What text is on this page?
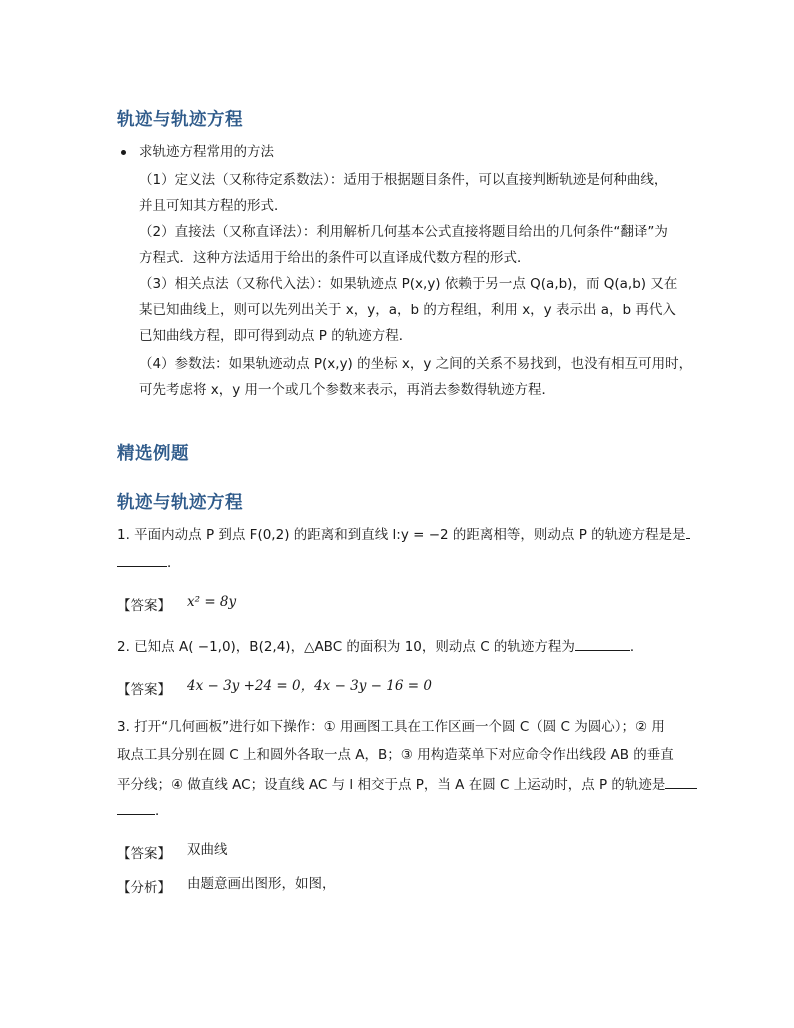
轨迹与轨迹方程
求轨迹方程常用的方法
（1）定义法（又称待定系数法）：适用于根据题目条件，可以直接判断轨迹是何种曲线，
并且可知其方程的形式．
（2）直接法（又称直译法）：利用解析几何基本公式直接将题目给出的几何条件“翻译”为
方程式．这种方法适用于给出的条件可以直译成代数方程的形式．
（3）相关点法（又称代入法）：如果轨迹点 P(x,y) 依赖于另一点 Q(a,b)，而 Q(a,b) 又在
某已知曲线上，则可以先列出关于 x，y，a，b 的方程组，利用 x，y 表示出 a，b 再代入
已知曲线方程，即可得到动点 P 的轨迹方程．
（4）参数法：如果轨迹动点 P(x,y) 的坐标 x，y 之间的关系不易找到，也没有相互可用时，
可先考虑将 x，y 用一个或几个参数来表示，再消去参数得轨迹方程．
精选例题
轨迹与轨迹方程
1. 平面内动点 P 到点 F(0,2) 的距离和到直线 l:y = −2 的距离相等，则动点 P 的轨迹方程是是
．
【答案】 x² = 8y
2. 已知点 A( −1,0)，B(2,4)，△ABC 的面积为 10，则动点 C 的轨迹方程为	．
【答案】 4x − 3y +24 = 0，4x − 3y − 16 = 0
3. 打开“几何画板”进行如下操作：① 用画图工具在工作区画一个圆 C（圆 C 为圆心）；② 用
取点工具分别在圆 C 上和圆外各取一点 A，B；③ 用构造菜单下对应命令作出线段 AB 的垂直
平分线；④ 做直线 AC；设直线 AC 与 l 相交于点 P，当 A 在圆 C 上运动时，点 P 的轨迹是
．
【答案】 双曲线
【分析】 由题意画出图形，如图，
